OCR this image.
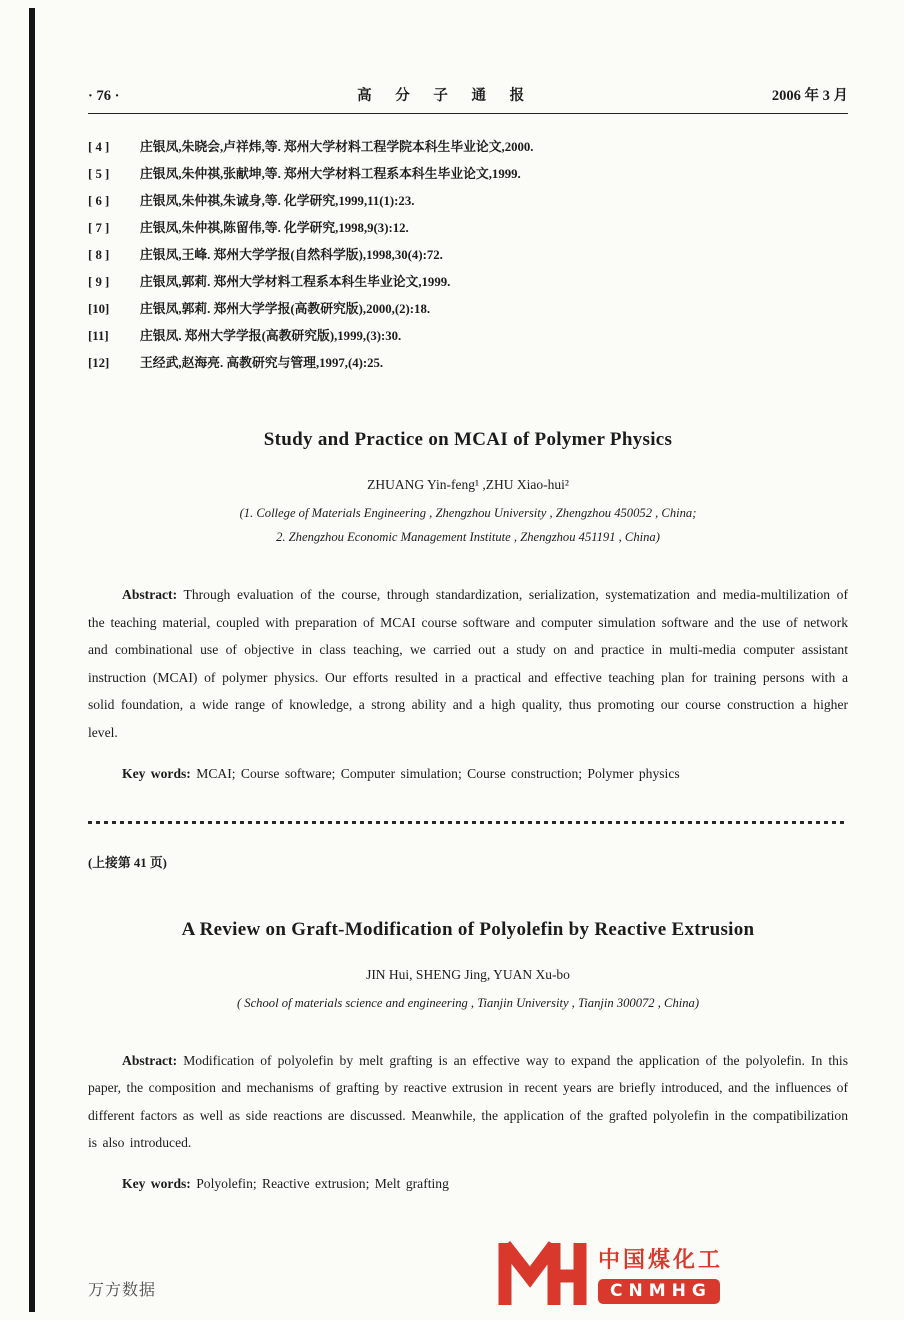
· 76 ·	高 分 子 通 报	2006 年 3 月
[ 4 ] 庄银凤,朱晓会,卢祥炜,等. 郑州大学材料工程学院本科生毕业论文,2000.
[ 5 ] 庄银凤,朱仲祺,张献坤,等. 郑州大学材料工程系本科生毕业论文,1999.
[ 6 ] 庄银凤,朱仲祺,朱诚身,等. 化学研究,1999,11(1):23.
[ 7 ] 庄银凤,朱仲祺,陈留伟,等. 化学研究,1998,9(3):12.
[ 8 ] 庄银凤,王峰. 郑州大学学报(自然科学版),1998,30(4):72.
[ 9 ] 庄银凤,郭莉. 郑州大学材料工程系本科生毕业论文,1999.
[10] 庄银凤,郭莉. 郑州大学学报(高教研究版),2000,(2):18.
[11] 庄银凤. 郑州大学学报(高教研究版),1999,(3):30.
[12] 王经武,赵海亮. 高教研究与管理,1997,(4):25.
Study and Practice on MCAI of Polymer Physics
ZHUANG Yin-feng¹ ,ZHU Xiao-hui²
(1. College of Materials Engineering , Zhengzhou University , Zhengzhou 450052 , China;
2. Zhengzhou Economic Management Institute , Zhengzhou 451191 , China)

Abstract: Through evaluation of the course, through standardization, serialization, systematization and media-multilization of the teaching material, coupled with preparation of MCAI course software and computer simulation software and the use of network and combinational use of objective in class teaching, we carried out a study on and practice in multi-media computer assistant instruction (MCAI) of polymer physics. Our efforts resulted in a practical and effective teaching plan for training persons with a solid foundation, a wide range of knowledge, a strong ability and a high quality, thus promoting our course construction a higher level.

Key words: MCAI; Course software; Computer simulation; Course construction; Polymer physics

(上接第 41 页)
A Review on Graft-Modification of Polyolefin by Reactive Extrusion
JIN Hui, SHENG Jing, YUAN Xu-bo
( School of materials science and engineering , Tianjin University , Tianjin 300072 , China)

Abstract: Modification of polyolefin by melt grafting is an effective way to expand the application of the polyolefin. In this paper, the composition and mechanisms of grafting by reactive extrusion in recent years are briefly introduced, and the influences of different factors as well as side reactions are discussed. Meanwhile, the application of the grafted polyolefin in the compatibilization is also introduced.

Key words: Polyolefin; Reactive extrusion; Melt grafting

中国煤化工
CNMHG
万方数据
